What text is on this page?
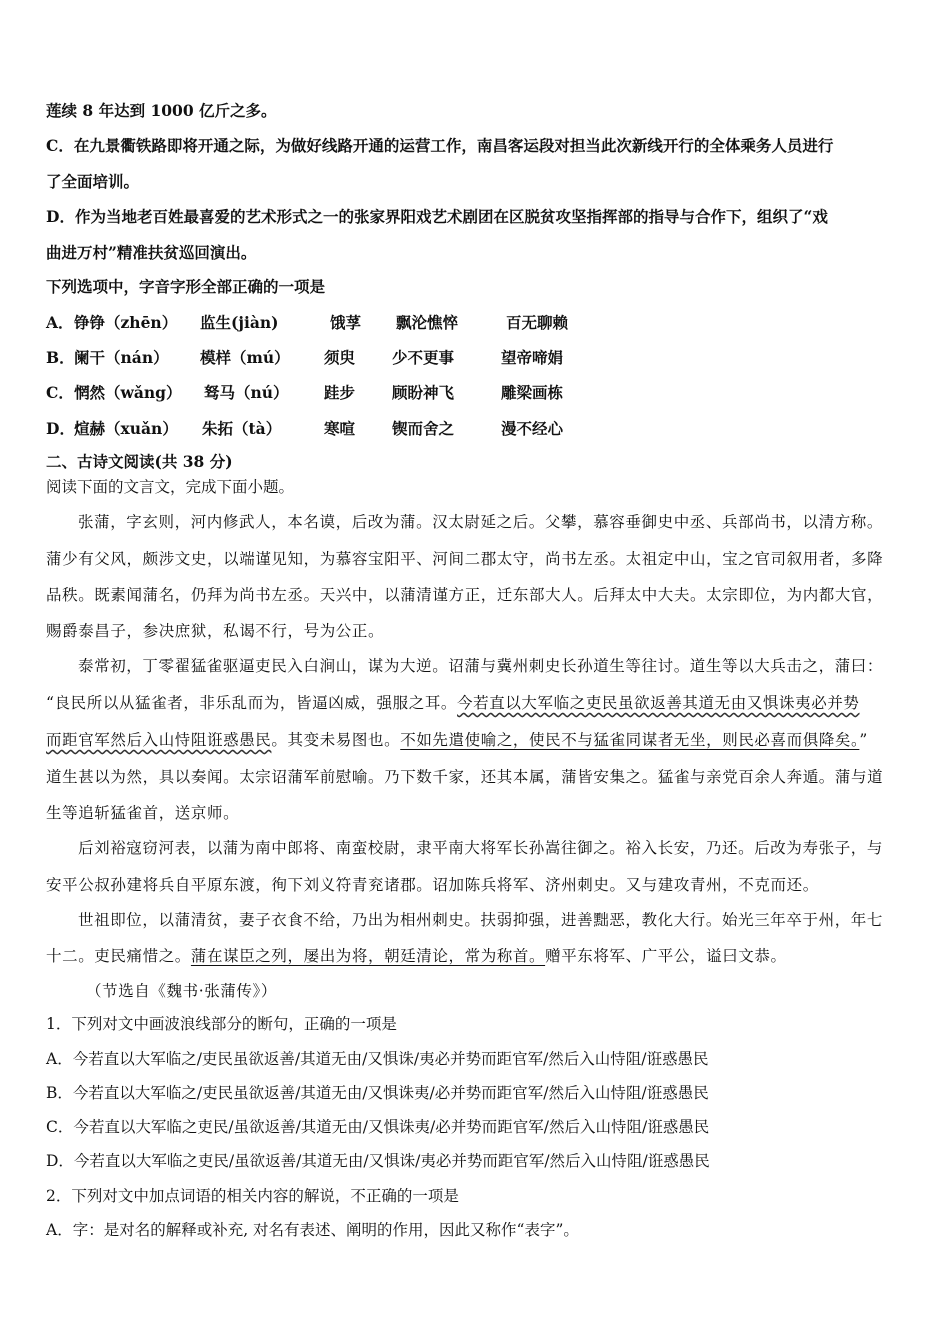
莲续 8 年达到 1000 亿斤之多。
C．在九景衢铁路即将开通之际，为做好线路开通的运营工作，南昌客运段对担当此次新线开行的全体乘务人员进行
了全面培训。
D．作为当地老百姓最喜爱的艺术形式之一的张家界阳戏艺术剧团在区脱贫攻坚指挥部的指导与合作下，组织了“戏
曲进万村”精准扶贫巡回演出。
下列选项中，字音字形全部正确的一项是
A． 铮铮（zhēn） 监生(jiàn)	饿莩 飘沦憔悴	百无聊赖
B． 阑干（nán） 模样（mú） 须臾 少不更事	望帝啼娟
C． 惘然（wǎng） 驽马（nú） 跬步 顾盼神飞	雕梁画栋
D． 煊赫（xuǎn） 朱拓（tà）	寒喧 锲而舍之	漫不经心
二、古诗文阅读(共 38 分)
阅读下面的文言文，完成下面小题。
张蒲，字玄则，河内修武人，本名谟，后改为蒲。汉太尉延之后。父攀，慕容垂御史中丞、兵部尚书，以清方称。
蒲少有父风，颇涉文史，以端谨见知，为慕容宝阳平、河间二郡太守，尚书左丞。太祖定中山，宝之官司叙用者，多降
品秩。既素闻蒲名，仍拜为尚书左丞。天兴中，以蒲清谨方正，迁东部大人。后拜太中大夫。太宗即位，为内都大官，
赐爵泰昌子，参决庶狱，私谒不行，号为公正。
泰常初，丁零翟猛雀驱逼吏民入白涧山，谋为大逆。诏蒲与冀州刺史长孙道生等往讨。道生等以大兵击之，蒲曰：
“良民所以从猛雀者，非乐乱而为，皆逼凶威，强服之耳。今若直以大军临之吏民虽欲返善其道无由又惧诛夷必并势
而距官军然后入山恃阻诳惑愚民。其变未易图也。不如先遣使喻之，使民不与猛雀同谋者无坐，则民必喜而俱降矣。”
道生甚以为然，具以奏闻。太宗诏蒲军前慰喻。乃下数千家，还其本属，蒲皆安集之。猛雀与亲党百余人奔遁。蒲与道
生等追斩猛雀首，送京师。
后刘裕寇窃河表，以蒲为南中郎将、南蛮校尉，隶平南大将军长孙嵩往御之。裕入长安，乃还。后改为寿张子，与
安平公叔孙建将兵自平原东渡，徇下刘义符青兖诸郡。诏加陈兵将军、济州刺史。又与建攻青州，不克而还。
世祖即位，以蒲清贫，妻子衣食不给，乃出为相州刺史。扶弱抑强，进善黜恶，教化大行。始光三年卒于州，年七
十二。吏民痛惜之。蒲在谋臣之列，屡出为将，朝廷清论，常为称首。赠平东将军、广平公，谥曰文恭。
（节选自《魏书·张蒲传》）
1．下列对文中画波浪线部分的断句，正确的一项是
A．今若直以大军临之/吏民虽欲返善/其道无由/又惧诛/夷必并势而距官军/然后入山恃阻/诳惑愚民
B．今若直以大军临之/吏民虽欲返善/其道无由/又惧诛夷/必并势而距官军/然后入山恃阻/诳惑愚民
C．今若直以大军临之吏民/虽欲返善/其道无由/又惧诛夷/必并势而距官军/然后入山恃阻/诳惑愚民
D．今若直以大军临之吏民/虽欲返善/其道无由/又惧诛/夷必并势而距官军/然后入山恃阻/诳惑愚民
2．下列对文中加点词语的相关内容的解说，不正确的一项是
A．字：是对名的解释或补充, 对名有表述、阐明的作用，因此又称作“表字”。
